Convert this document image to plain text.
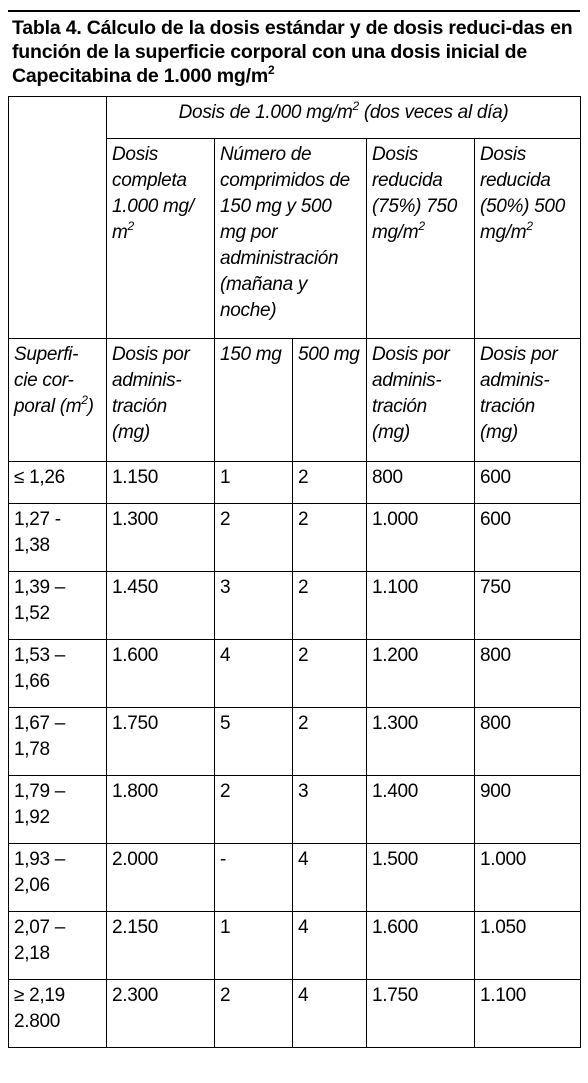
Tabla 4. Cálculo de la dosis estándar y de dosis reduci-das en función de la superficie corporal con una dosis inicial de Capecitabina de 1.000 $mg/m^2$
	Dosis de 1.000 $mg/m^2$ (dos veces al día)				
	Dosis completa 1.000 mg/ $m^2$	Número de comprimidos de 150 mg y 500 mg por administración (mañana y noche)		Dosis reducida (75%) 750 $mg/m^2$	Dosis reducida (50%) 500 $mg/m^2$
Superfi-cie cor-poral $(m^2)$	Dosis por adminis-tración (mg)	150 mg	500 mg	Dosis por adminis-tración (mg)	Dosis por adminis-tración (mg)

≤ 1,26	1.150	1	2	800	600

1,27 -
1,38	1.300	2	2	1.000	600

1,39 –
1,52	1.450	3	2	1.100	750

1,53 –
1,66	1.600	4	2	1.200	800

1,67 –
1,78	1.750	5	2	1.300	800

1,79 –
1,92	1.800	2	3	1.400	900

1,93 –
2,06	2.000	-	4	1.500	1.000

2,07 –
2,18	2.150	1	4	1.600	1.050

≥ 2,19
2.800	2.300	2	4	1.750	1.100
